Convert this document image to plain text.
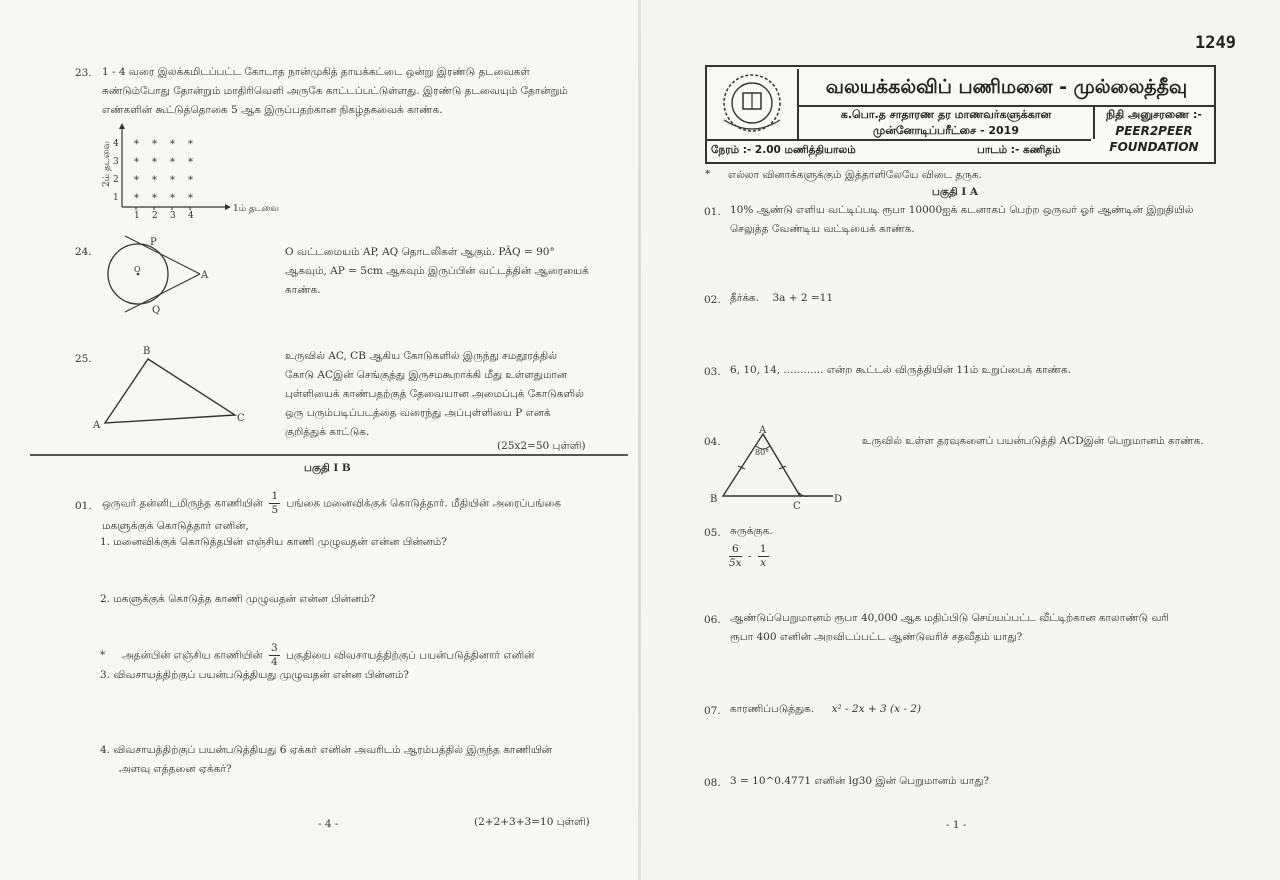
23. 1 - 4 வரை இலக்கமிடப்பட்ட கோடாத நான்முகித் தாயக்கட்டை ஒன்று இரண்டு தடவைகள்
சுண்டும்போது தோன்றும் மாதிரிவெளி அருகே காட்டப்பட்டுள்ளது. இரண்டு தடவையும் தோன்றும்
எண்களின் கூட்டுத்தொகை 5 ஆக இருப்பதற்கான நிகழ்தகவைக் காண்க.
*
*
*
*
*
*
*
*
*
*
*
*
*
*
*
*
2ம் தடவை
1ம் தடவை
1 2 3 4
1
2
3
4
24.
P
Q
A
O
O வட்டமையம் AP, AQ தொடலிகள் ஆகும். PÂQ = 90°
ஆகவும், AP = 5cm ஆகவும் இருப்பின் வட்டத்தின் ஆரையைக்
காண்க.
25.
A
B
C
உருவில் AC, CB ஆகிய கோடுகளில் இருந்து சமதூரத்தில்
கோடு ACஇன் செங்குத்து இருசமகூறாக்கி மீது உள்ளதுமான
புள்ளியைக் காண்பதற்குத் தேவையான அமைப்புக் கோடுகளில்
ஒரு பரும்படிப்படத்தை வரைந்து அப்புள்ளியை P எனக்
குறித்துக் காட்டுக.
(25x2=50 புள்ளி)
பகுதி I B
01. ஒருவர் தன்னிடமிருந்த காணியின் $\frac{1}{5}$ பங்கை மனைவிக்குக் கொடுத்தார். மீதியின் அரைப்பங்கை
மகளுக்குக் கொடுத்தார் எனின்,
1. மனைவிக்குக் கொடுத்தபின் எஞ்சிய காணி முழுவதன் என்ன பின்னம்?
2. மகளுக்குக் கொடுத்த காணி முழுவதன் என்ன பின்னம்?
* அதன்பின் எஞ்சிய காணியின் $\frac{3}{4}$ பகுதியை விவசாயத்திற்குப் பயன்படுத்தினார் எனின்
3. விவசாயத்திற்குப் பயன்படுத்தியது முழுவதன் என்ன பின்னம்?
4. விவசாயத்திற்குப் பயன்படுத்தியது 6 ஏக்கர் எனின் அவரிடம் ஆரம்பத்தில் இருந்த காணியின்
அளவு எத்தனை ஏக்கர்?
- 4 -	(2+2+3+3=10 புள்ளி)
1249
வலயக்கல்விப் பணிமனை - முல்லைத்தீவு
க.பொ.த சாதாரண தர மாணவர்களுக்கான
முன்னோடிப்பரீட்சை - 2019
நிதி அனுசரணை :-
PEER2PEER
FOUNDATION
நேரம் :- 2.00 மணித்தியாலம்	பாடம் :- கணிதம்
* எல்லா வினாக்களுக்கும் இத்தாளிலேயே விடை தருக.
பகுதி I A
01. 10% ஆண்டு எளிய வட்டிப்படி ரூபா 10000ஐக் கடனாகப் பெற்ற ஒருவர் ஓர் ஆண்டின் இறுதியில்
செலுத்த வேண்டிய வட்டியைக் காண்க.
02. தீர்க்க. 3a + 2 =11
03. 6, 10, 14, ............ என்ற கூட்டல் விருத்தியின் 11ம் உறுப்பைக் காண்க.
04.
A
B
C
D
80°
உருவில் உள்ள தரவுகளைப் பயன்படுத்தி ACDஇன் பெறுமானம் காண்க.
05. சுருக்குக.
$\frac{6}{5x} - \frac{1}{x}$
06. ஆண்டுப்பெறுமானம் ரூபா 40,000 ஆக மதிப்பிடு செய்யப்பட்ட வீட்டிற்கான காலாண்டு வரி
ரூபா 400 எனின் அறவிடப்பட்ட ஆண்டுவரிச் சதவீதம் யாது?
07. காரணிப்படுத்துக. x² - 2x + 3 (x - 2)
08. 3 = 10^0.4771 எனின் lg30 இன் பெறுமானம் யாது?
- 1 -
